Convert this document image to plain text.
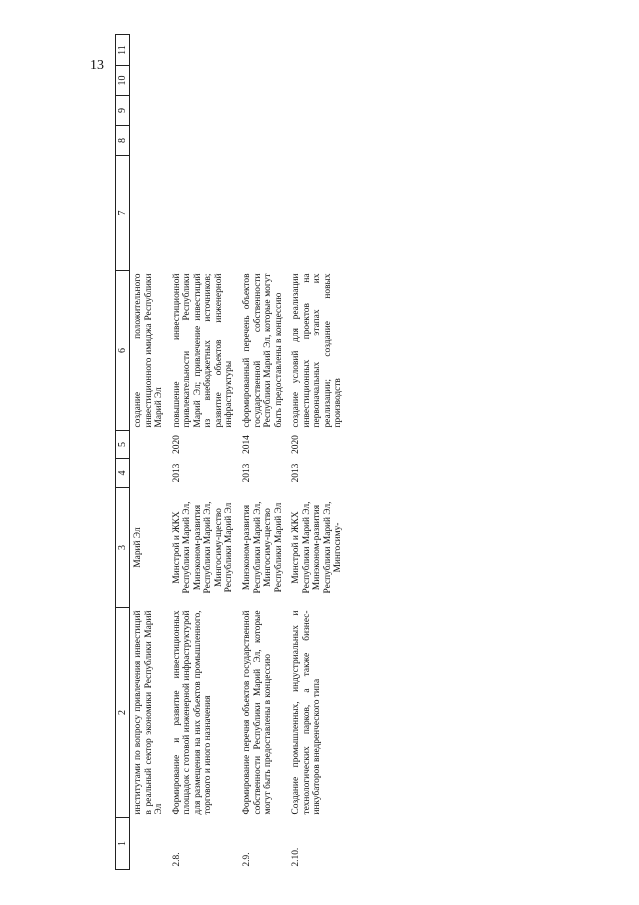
13
1	2	3	4	5	6	7	8	9	10	11
	институтами по вопросу привлечения инвестиций в реальный сектор экономики Республики Марий Эл	Марий Эл			создание положительного инвестиционного имиджа Республики Марий Эл					
2.8.	Формирование и развитие инвестиционных площадок с готовой инженерной инфраструктурой для размещения на них объектов промышленного, торгового и иного назначения	Минстрой и ЖКХ Республики Марий Эл, Минэконом-развития Республики Марий Эл, Мингосиму-щество Республики Марий Эл	2013	2020	повышение инвестиционной привлекательности Республики Марий Эл; привлечение инвестиций из внебюджетных источников; развитие объектов инженерной инфраструктуры					
2.9.	Формирование перечня объектов государственной собственности Республики Марий Эл, которые могут быть предоставлены в концессию	Минэконом-развития Республики Марий Эл, Мингосиму-щество Республики Марий Эл	2013	2014	сформированный перечень объектов государственной собственности Республики Марий Эл, которые могут быть предоставлены в концессию					
2.10.	Создание промышленных, индустриальных и технологических парков, а также бизнес-инкубаторов внедренческого типа	Минстрой и ЖКХ Республики Марий Эл, Минэконом-развития Республики Марий Эл, Мингосиму-	2013	2020	создание условий для реализации инвестиционных проектов на первоначальных этапах их реализации; создание новых производств					
